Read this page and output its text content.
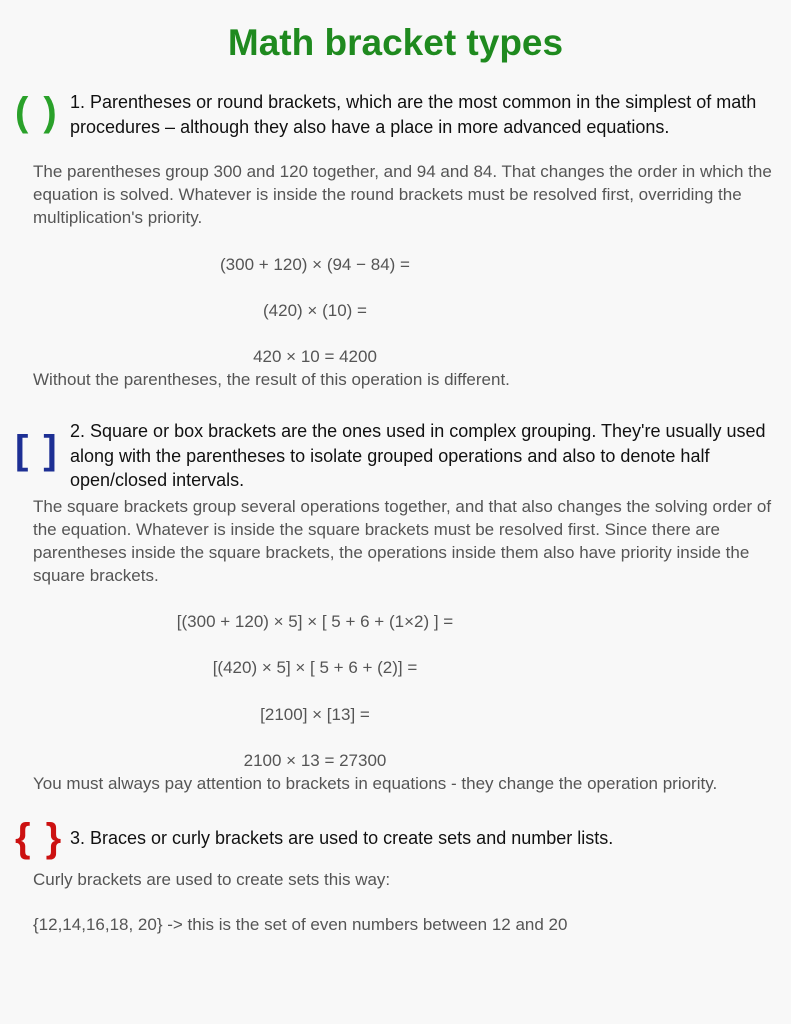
Math bracket types
( ) 1. Parentheses or round brackets, which are the most common in the simplest of math procedures – although they also have a place in more advanced equations.

The parentheses group 300 and 120 together, and 94 and 84. That changes the order in which the equation is solved. Whatever is inside the round brackets must be resolved first, overriding the multiplication's priority.

(300 + 120) × (94 − 84) =

(420) × (10) =

420 × 10 = 4200

Without the parentheses, the result of this operation is different.

[ ] 2. Square or box brackets are the ones used in complex grouping. They're usually used along with the parentheses to isolate grouped operations and also to denote half open/closed intervals.

The square brackets group several operations together, and that also changes the solving order of the equation. Whatever is inside the square brackets must be resolved first. Since there are parentheses inside the square brackets, the operations inside them also have priority inside the square brackets.

[(300 + 120) × 5] × [ 5 + 6 + (1×2) ] =

[(420) × 5] × [ 5 + 6 + (2)] =

[2100] × [13] =

2100 × 13 = 27300

You must always pay attention to brackets in equations - they change the operation priority.

{ } 3. Braces or curly brackets are used to create sets and number lists.

Curly brackets are used to create sets this way:

{12,14,16,18, 20} -> this is the set of even numbers between 12 and 20
